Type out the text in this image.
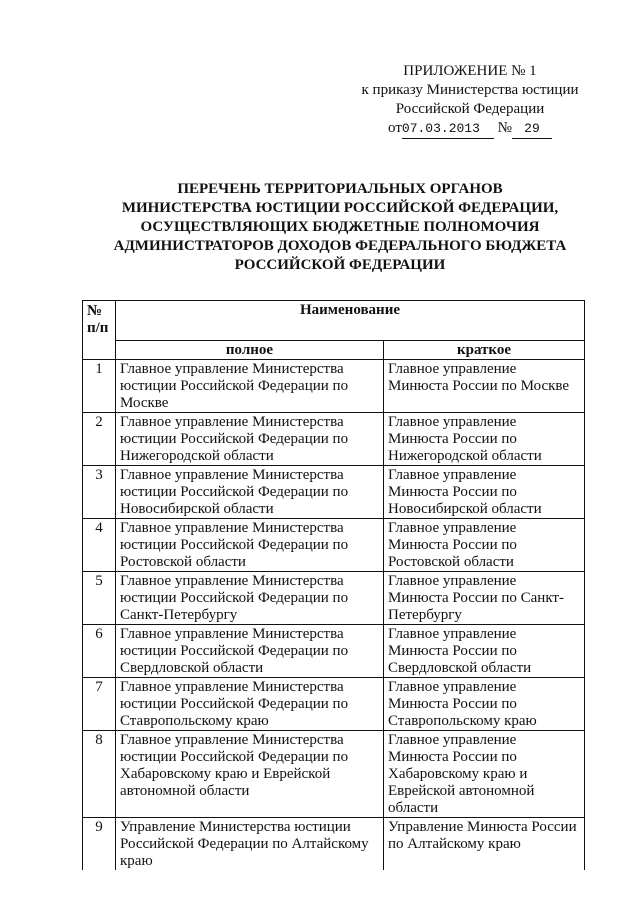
ПРИЛОЖЕНИЕ № 1
к приказу Министерства юстиции
Российской Федерации
от07.03.2013 № 29
ПЕРЕЧЕНЬ ТЕРРИТОРИАЛЬНЫХ ОРГАНОВ
МИНИСТЕРСТВА ЮСТИЦИИ РОССИЙСКОЙ ФЕДЕРАЦИИ,
ОСУЩЕСТВЛЯЮЩИХ БЮДЖЕТНЫЕ ПОЛНОМОЧИЯ
АДМИНИСТРАТОРОВ ДОХОДОВ ФЕДЕРАЛЬНОГО БЮДЖЕТА
РОССИЙСКОЙ ФЕДЕРАЦИИ
№ п/п	Наименование	
	полное	краткое
1	Главное управление Министерства юстиции Российской Федерации по Москве	Главное управление Минюста России по Москве
2	Главное управление Министерства юстиции Российской Федерации по Нижегородской области	Главное управление Минюста России по Нижегородской области
3	Главное управление Министерства юстиции Российской Федерации по Новосибирской области	Главное управление Минюста России по Новосибирской области
4	Главное управление Министерства юстиции Российской Федерации по Ростовской области	Главное управление Минюста России по Ростовской области
5	Главное управление Министерства юстиции Российской Федерации по Санкт-Петербургу	Главное управление Минюста России по Санкт-Петербургу
6	Главное управление Министерства юстиции Российской Федерации по Свердловской области	Главное управление Минюста России по Свердловской области
7	Главное управление Министерства юстиции Российской Федерации по Ставропольскому краю	Главное управление Минюста России по Ставропольскому краю
8	Главное управление Министерства юстиции Российской Федерации по Хабаровскому краю и Еврейской автономной области	Главное управление Минюста России по Хабаровскому краю и Еврейской автономной области
9	Управление Министерства юстиции Российской Федерации по Алтайскому краю	Управление Минюста России по Алтайскому краю
